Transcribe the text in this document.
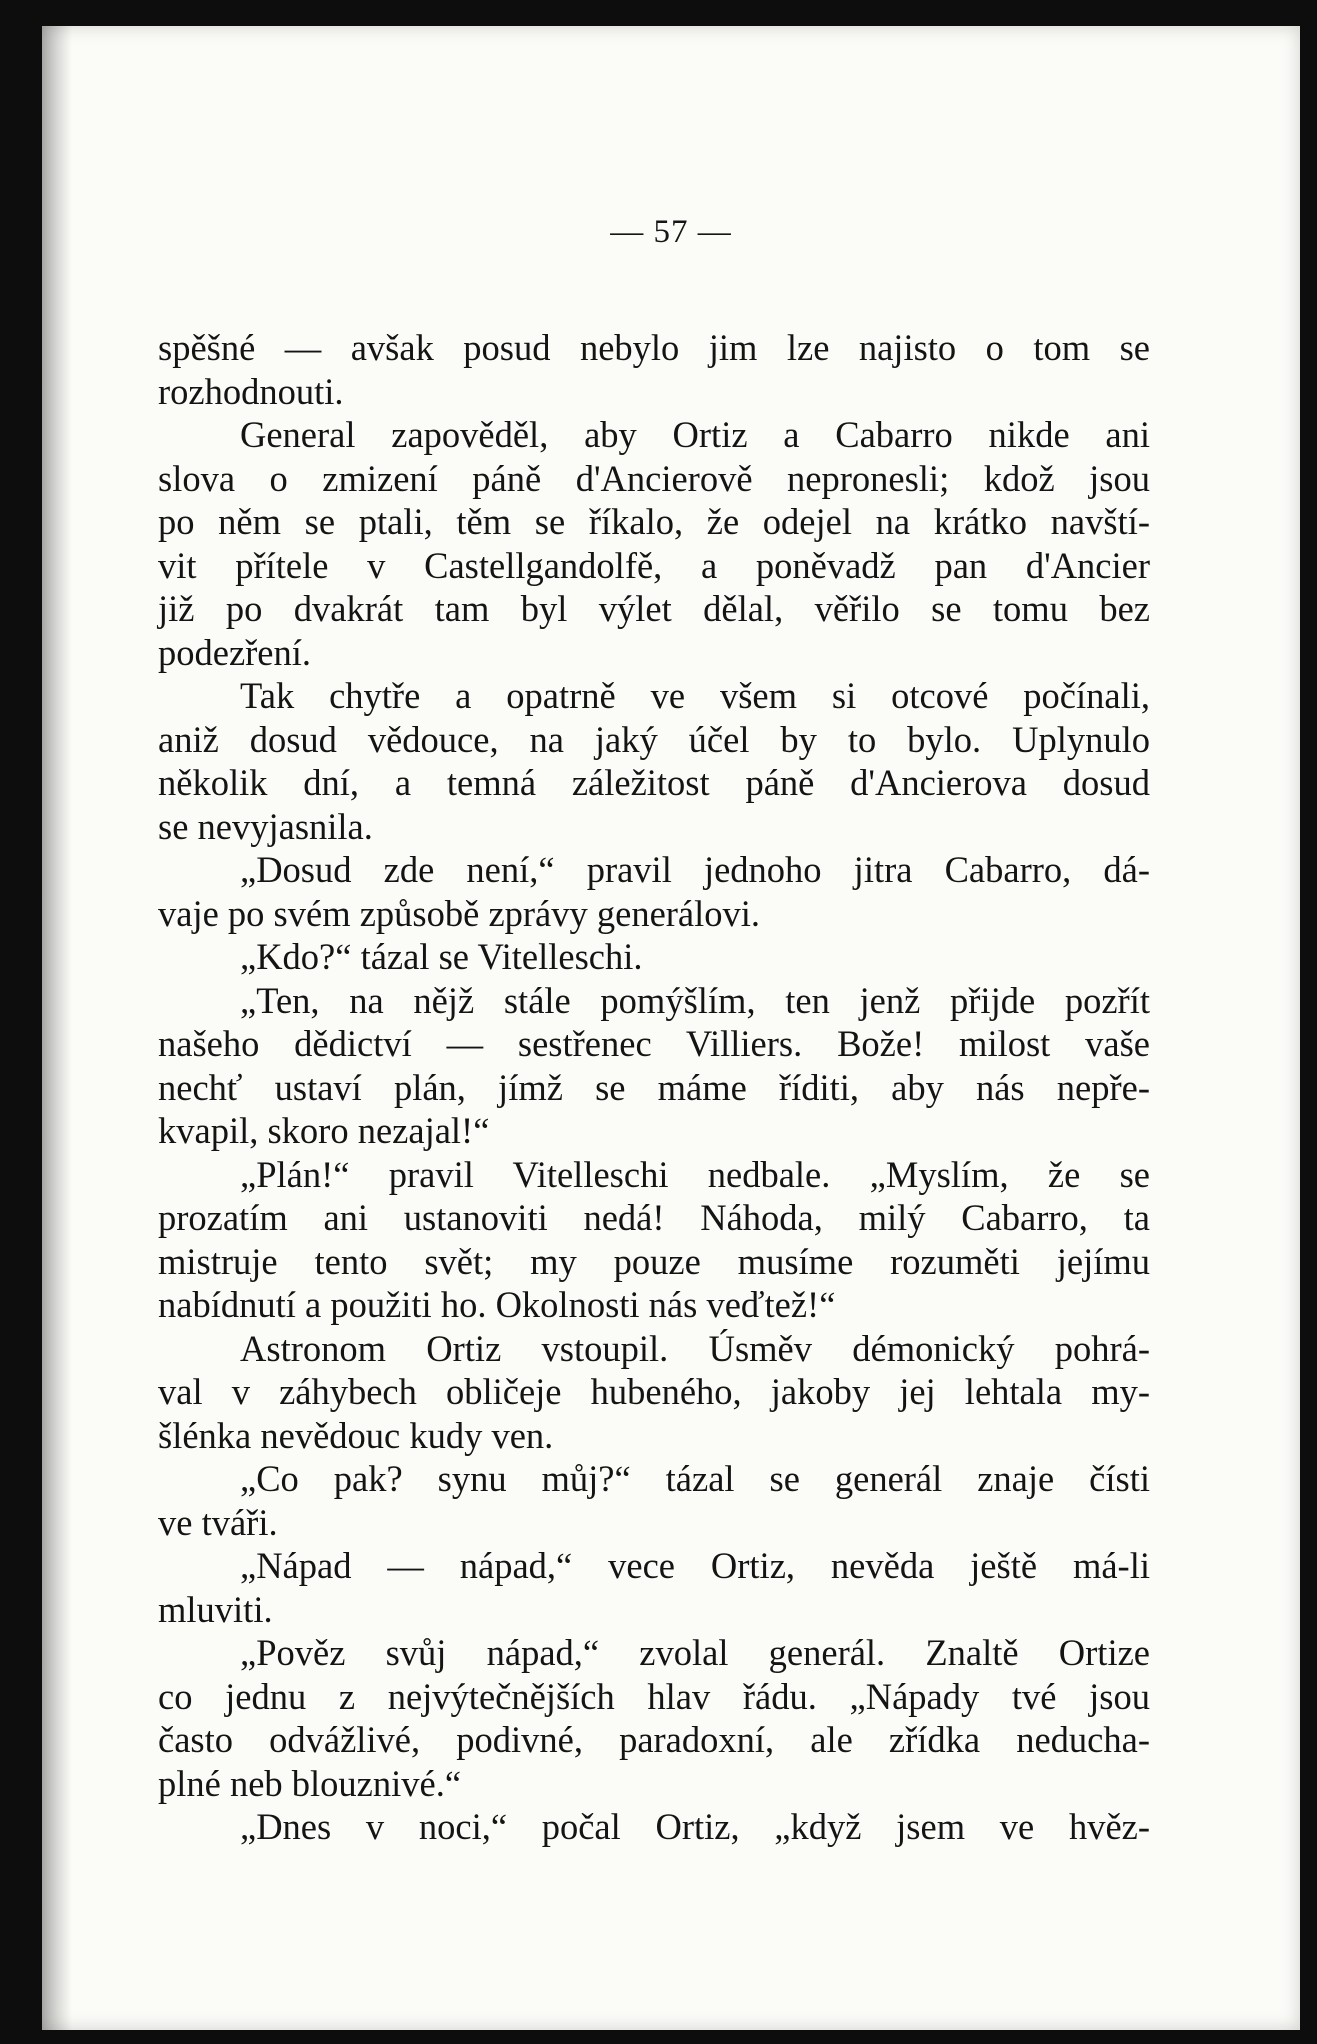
— 57 —
spěšné — avšak posud nebylo jim lze najisto o tom se
rozhodnouti.
General zapověděl, aby Ortiz a Cabarro nikde ani
slova o zmizení páně d'Ancierově nepronesli; kdož jsou
po něm se ptali, těm se říkalo, že odejel na krátko navští-
vit přítele v Castellgandolfě, a poněvadž pan d'Ancier
již po dvakrát tam byl výlet dělal, věřilo se tomu bez
podezření.
Tak chytře a opatrně ve všem si otcové počínali,
aniž dosud vědouce, na jaký účel by to bylo. Uplynulo
několik dní, a temná záležitost páně d'Ancierova dosud
se nevyjasnila.
„Dosud zde není,“ pravil jednoho jitra Cabarro, dá-
vaje po svém způsobě zprávy generálovi.
„Kdo?“ tázal se Vitelleschi.
„Ten, na nějž stále pomýšlím, ten jenž přijde pozřít
našeho dědictví — sestřenec Villiers. Bože! milost vaše
nechť ustaví plán, jímž se máme říditi, aby nás nepře-
kvapil, skoro nezajal!“
„Plán!“ pravil Vitelleschi nedbale. „Myslím, že se
prozatím ani ustanoviti nedá! Náhoda, milý Cabarro, ta
mistruje tento svět; my pouze musíme rozuměti jejímu
nabídnutí a použiti ho. Okolnosti nás veďtež!“
Astronom Ortiz vstoupil. Úsměv démonický pohrá-
val v záhybech obličeje hubeného, jakoby jej lehtala my-
šlénka nevědouc kudy ven.
„Co pak? synu můj?“ tázal se generál znaje čísti
ve tváři.
„Nápad — nápad,“ vece Ortiz, nevěda ještě má-li
mluviti.
„Pověz svůj nápad,“ zvolal generál. Znaltě Ortize
co jednu z nejvýtečnějších hlav řádu. „Nápady tvé jsou
často odvážlivé, podivné, paradoxní, ale zřídka neducha-
plné neb blouznivé.“
„Dnes v noci,“ počal Ortiz, „když jsem ve hvěz-
